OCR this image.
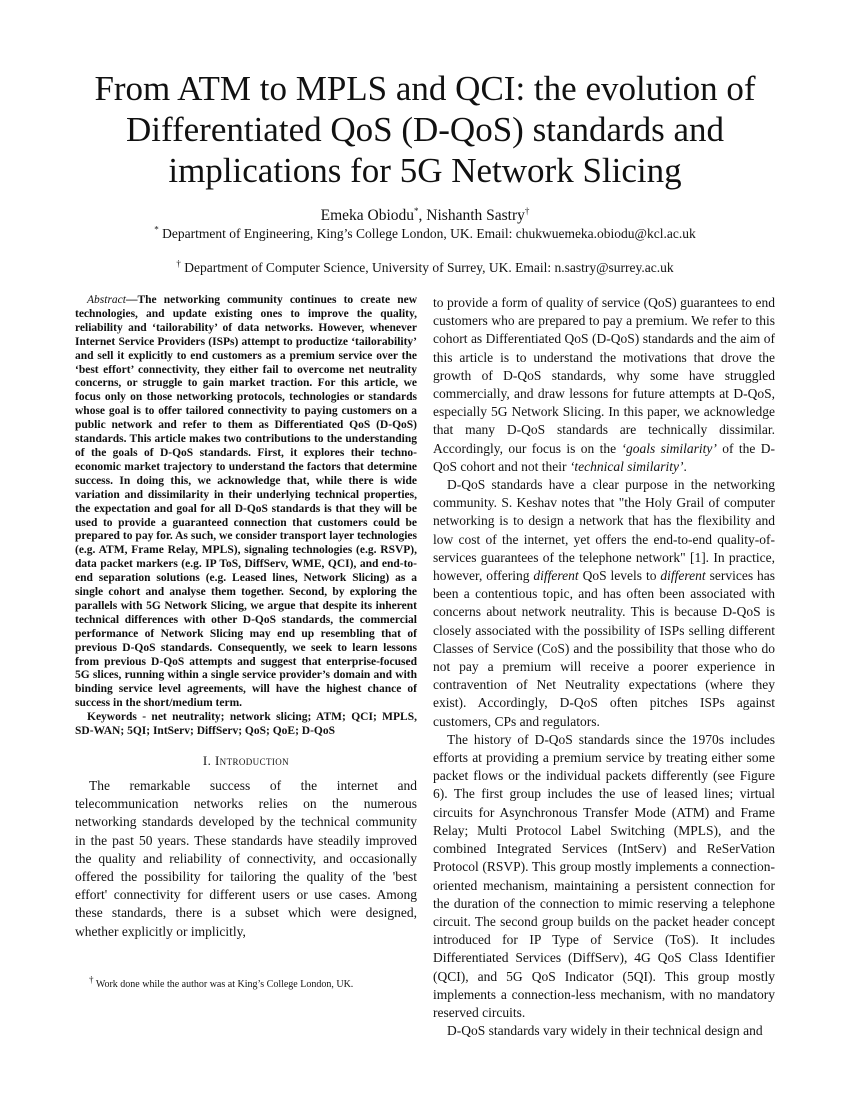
From ATM to MPLS and QCI: the evolution of Differentiated QoS (D-QoS) standards and implications for 5G Network Slicing
Emeka Obiodu*, Nishanth Sastry†
* Department of Engineering, King’s College London, UK. Email: chukwuemeka.obiodu@kcl.ac.uk
† Department of Computer Science, University of Surrey, UK. Email: n.sastry@surrey.ac.uk

Abstract—The networking community continues to create new technologies, and update existing ones to improve the quality, reliability and ‘tailorability’ of data networks. However, whenever Internet Service Providers (ISPs) attempt to productize ‘tailorability’ and sell it explicitly to end customers as a premium service over the ‘best effort’ connectivity, they either fail to overcome net neutrality concerns, or struggle to gain market traction. For this article, we focus only on those networking protocols, technologies or standards whose goal is to offer tailored connectivity to paying customers on a public network and refer to them as Differentiated QoS (D-QoS) standards. This article makes two contributions to the understanding of the goals of D-QoS standards. First, it explores their techno-economic market trajectory to understand the factors that determine success. In doing this, we acknowledge that, while there is wide variation and dissimilarity in their underlying technical properties, the expectation and goal for all D-QoS standards is that they will be used to provide a guaranteed connection that customers could be prepared to pay for. As such, we consider transport layer technologies (e.g. ATM, Frame Relay, MPLS), signaling technologies (e.g. RSVP), data packet markers (e.g. IP ToS, DiffServ, WME, QCI), and end-to-end separation solutions (e.g. Leased lines, Network Slicing) as a single cohort and analyse them together. Second, by exploring the parallels with 5G Network Slicing, we argue that despite its inherent technical differences with other D-QoS standards, the commercial performance of Network Slicing may end up resembling that of previous D-QoS standards. Consequently, we seek to learn lessons from previous D-QoS attempts and suggest that enterprise-focused 5G slices, running within a single service provider’s domain and with binding service level agreements, will have the highest chance of success in the short/medium term.

Keywords - net neutrality; network slicing; ATM; QCI; MPLS, SD-WAN; 5QI; IntServ; DiffServ; QoS; QoE; D-QoS

I. Introduction

The remarkable success of the internet and telecommunication networks relies on the numerous networking standards developed by the technical community in the past 50 years. These standards have steadily improved the quality and reliability of connectivity, and occasionally offered the possibility for tailoring the quality of the 'best effort' connectivity for different users or use cases. Among these standards, there is a subset which were designed, whether explicitly or implicitly,

† Work done while the author was at King’s College London, UK.

to provide a form of quality of service (QoS) guarantees to end customers who are prepared to pay a premium. We refer to this cohort as Differentiated QoS (D-QoS) standards and the aim of this article is to understand the motivations that drove the growth of D-QoS standards, why some have struggled commercially, and draw lessons for future attempts at D-QoS, especially 5G Network Slicing. In this paper, we acknowledge that many D-QoS standards are technically dissimilar. Accordingly, our focus is on the ‘goals similarity’ of the D-QoS cohort and not their ‘technical similarity’.

D-QoS standards have a clear purpose in the networking community. S. Keshav notes that "the Holy Grail of computer networking is to design a network that has the flexibility and low cost of the internet, yet offers the end-to-end quality-of-services guarantees of the telephone network" [1]. In practice, however, offering different QoS levels to different services has been a contentious topic, and has often been associated with concerns about network neutrality. This is because D-QoS is closely associated with the possibility of ISPs selling different Classes of Service (CoS) and the possibility that those who do not pay a premium will receive a poorer experience in contravention of Net Neutrality expectations (where they exist). Accordingly, D-QoS often pitches ISPs against customers, CPs and regulators.

The history of D-QoS standards since the 1970s includes efforts at providing a premium service by treating either some packet flows or the individual packets differently (see Figure 6). The first group includes the use of leased lines; virtual circuits for Asynchronous Transfer Mode (ATM) and Frame Relay; Multi Protocol Label Switching (MPLS), and the combined Integrated Services (IntServ) and ReSerVation Protocol (RSVP). This group mostly implements a connection-oriented mechanism, maintaining a persistent connection for the duration of the connection to mimic reserving a telephone circuit. The second group builds on the packet header concept introduced for IP Type of Service (ToS). It includes Differentiated Services (DiffServ), 4G QoS Class Identifier (QCI), and 5G QoS Indicator (5QI). This group mostly implements a connection-less mechanism, with no mandatory reserved circuits.

D-QoS standards vary widely in their technical design and
